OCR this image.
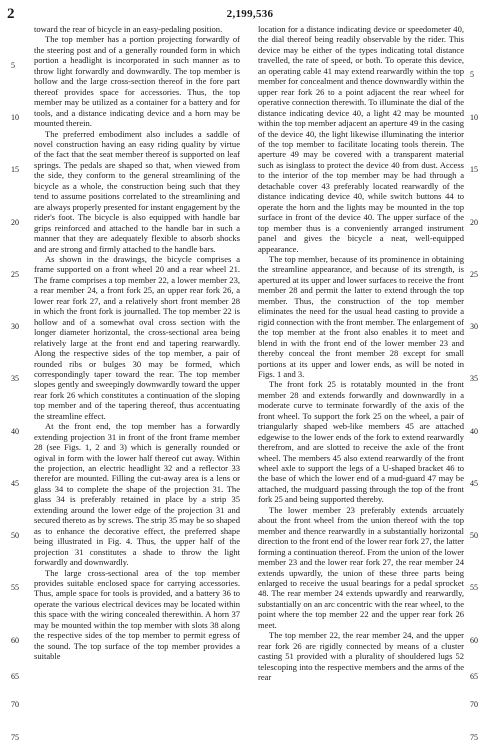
2	2,199,536

toward the rear of bicycle in an easy-pedaling position.

The top member has a portion projecting forwardly of the steering post and of a generally rounded form in which portion a headlight is incorporated in such manner as to throw light forwardly and downwardly. The top member is hollow and the large cross-section thereof in the fore part thereof provides space for accessories. Thus, the top member may be utilized as a container for a battery and for tools, and a distance indicating device and a horn may be mounted therein.

The preferred embodiment also includes a saddle of novel construction having an easy riding quality by virtue of the fact that the seat member thereof is supported on leaf springs. The pedals are shaped so that, when viewed from the side, they conform to the general streamlining of the bicycle as a whole, the construction being such that they tend to assume positions correlated to the streamlining and are always properly presented for instant engagement by the rider's foot. The bicycle is also equipped with handle bar grips reinforced and attached to the handle bar in such a manner that they are adequately flexible to absorb shocks and are strong and firmly attached to the handle bars.

As shown in the drawings, the bicycle comprises a frame supported on a front wheel 20 and a rear wheel 21. The frame comprises a top member 22, a lower member 23, a rear member 24, a front fork 25, an upper rear fork 26, a lower rear fork 27, and a relatively short front member 28 in which the front fork is journalled. The top member 22 is hollow and of a somewhat oval cross section with the longer diameter horizontal, the cross-sectional area being relatively large at the front end and tapering rearwardly. Along the respective sides of the top member, a pair of rounded ribs or bulges 30 may be formed, which correspondingly taper toward the rear. The top member slopes gently and sweepingly downwardly toward the upper rear fork 26 which constitutes a continuation of the sloping top member and of the tapering thereof, thus accentuating the streamline effect.

At the front end, the top member has a forwardly extending projection 31 in front of the front frame member 28 (see Figs. 1, 2 and 3) which is generally rounded or ogival in form with the lower half thereof cut away. Within the projection, an electric headlight 32 and a reflector 33 therefor are mounted. Filling the cut-away area is a lens or glass 34 to complete the shape of the projection 31. The glass 34 is preferably retained in place by a strip 35 extending around the lower edge of the projection 31 and secured thereto as by screws. The strip 35 may be so shaped as to enhance the decorative effect, the preferred shape being illustrated in Fig. 4. Thus, the upper half of the projection 31 constitutes a shade to throw the light forwardly and downwardly.

The large cross-sectional area of the top member provides suitable enclosed space for carrying accessories. Thus, ample space for tools is provided, and a battery 36 to operate the various electrical devices may be located within this space with the wiring concealed therewithin. A horn 37 may be mounted within the top member with slots 38 along the respective sides of the top member to permit egress of the sound. The top surface of the top member provides a suitable

location for a distance indicating device or speedometer 40, the dial thereof being readily observable by the rider. This device may be either of the types indicating total distance travelled, the rate of speed, or both. To operate this device, an operating cable 41 may extend rearwardly within the top member for concealment and thence downwardly within the upper rear fork 26 to a point adjacent the rear wheel for operative connection therewith. To illuminate the dial of the distance indicating device 40, a light 42 may be mounted within the top member adjacent an aperture 49 in the casing of the device 40, the light likewise illuminating the interior of the top member to facilitate locating tools therein. The aperture 49 may be covered with a transparent material such as isinglass to protect the device 40 from dust. Access to the interior of the top member may be had through a detachable cover 43 preferably located rearwardly of the distance indicating device 40, while switch buttons 44 to operate the horn and the lights may be mounted in the top surface in front of the device 40. The upper surface of the top member thus is a conveniently arranged instrument panel and gives the bicycle a neat, well-equipped appearance.

The top member, because of its prominence in obtaining the streamline appearance, and because of its strength, is apertured at its upper and lower surfaces to receive the front member 28 and permit the latter to extend through the top member. Thus, the construction of the top member eliminates the need for the usual head casting to provide a rigid connection with the front member. The enlargement of the top member at the front also enables it to meet and blend in with the front end of the lower member 23 and thereby conceal the front member 28 except for small portions at its upper and lower ends, as will be noted in Figs. 1 and 3.

The front fork 25 is rotatably mounted in the front member 28 and extends forwardly and downwardly in a moderate curve to terminate forwardly of the axis of the front wheel. To support the fork 25 on the wheel, a pair of triangularly shaped web-like members 45 are attached edgewise to the lower ends of the fork to extend rearwardly therefrom, and are slotted to receive the axle of the front wheel. The members 45 also extend rearwardly of the front wheel axle to support the legs of a U-shaped bracket 46 to the base of which the lower end of a mud-guard 47 may be attached, the mudguard passing through the top of the front fork 25 and being supported thereby.

The lower member 23 preferably extends arcuately about the front wheel from the union thereof with the top member and thence rearwardly in a substantially horizontal direction to the front end of the lower rear fork 27, the latter forming a continuation thereof. From the union of the lower member 23 and the lower rear fork 27, the rear member 24 extends upwardly, the union of these three parts being enlarged to receive the usual bearings for a pedal sprocket 48. The rear member 24 extends upwardly and rearwardly, substantially on an arc concentric with the rear wheel, to the point where the top member 22 and the upper rear fork 26 meet.

The top member 22, the rear member 24, and the upper rear fork 26 are rigidly connected by means of a cluster casting 51 provided with a plurality of shouldered lugs 52 telescoping into the respective members and the arms of the rear

5
10
15
20
25
30
35
40
45
50
55
60
65
70
75
5
10
15
20
25
30
35
40
45
50
55
60
65
70
75
